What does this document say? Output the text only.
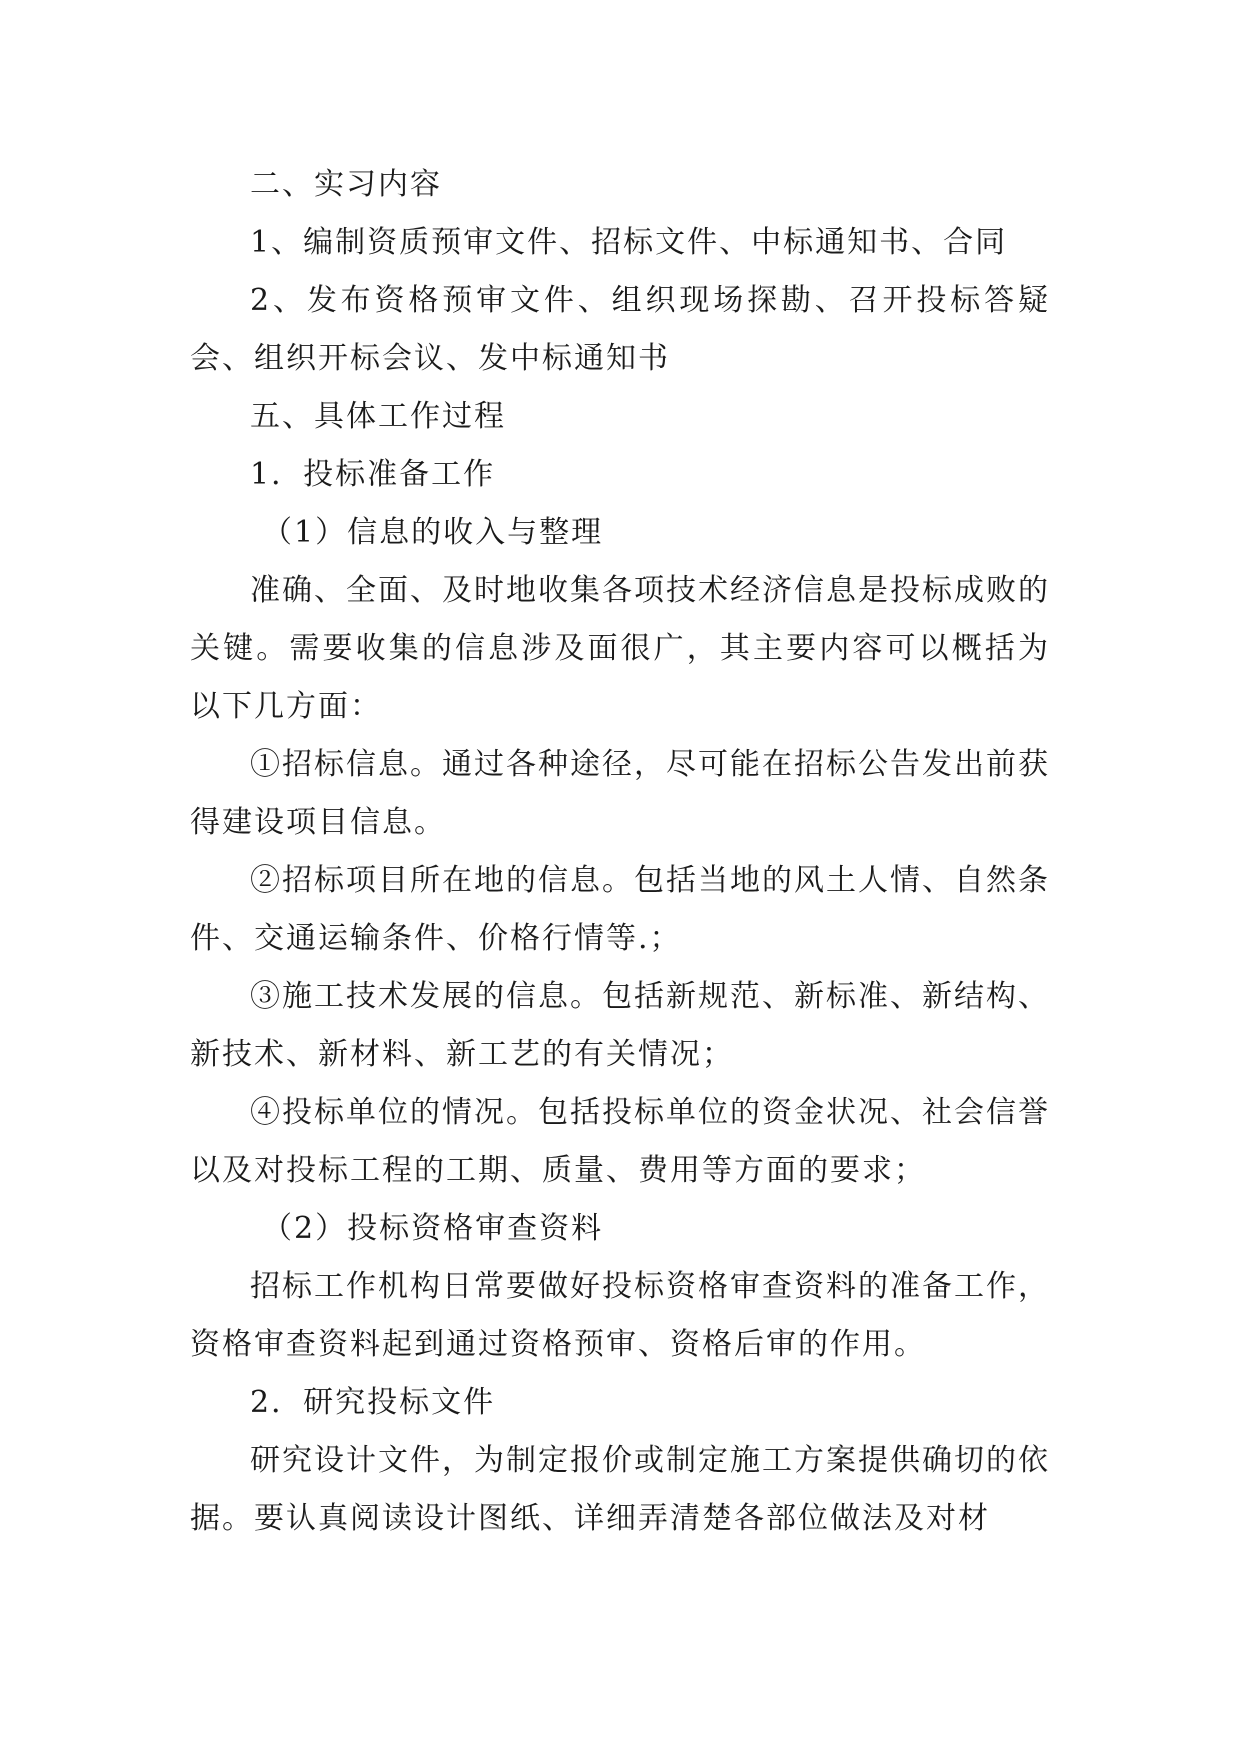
二、实习内容

1、编制资质预审文件、招标文件、中标通知书、合同

2、发布资格预审文件、组织现场探勘、召开投标答疑会、组织开标会议、发中标通知书

五、具体工作过程

1．投标准备工作

（1）信息的收入与整理

准确、全面、及时地收集各项技术经济信息是投标成败的关键。需要收集的信息涉及面很广，其主要内容可以概括为以下几方面：

①招标信息。通过各种途径，尽可能在招标公告发出前获得建设项目信息。

②招标项目所在地的信息。包括当地的风土人情、自然条件、交通运输条件、价格行情等.；

③施工技术发展的信息。包括新规范、新标准、新结构、新技术、新材料、新工艺的有关情况；

④投标单位的情况。包括投标单位的资金状况、社会信誉以及对投标工程的工期、质量、费用等方面的要求；

（2）投标资格审查资料

招标工作机构日常要做好投标资格审查资料的准备工作，资格审查资料起到通过资格预审、资格后审的作用。

2．研究投标文件

研究设计文件，为制定报价或制定施工方案提供确切的依据。要认真阅读设计图纸、详细弄清楚各部位做法及对材
